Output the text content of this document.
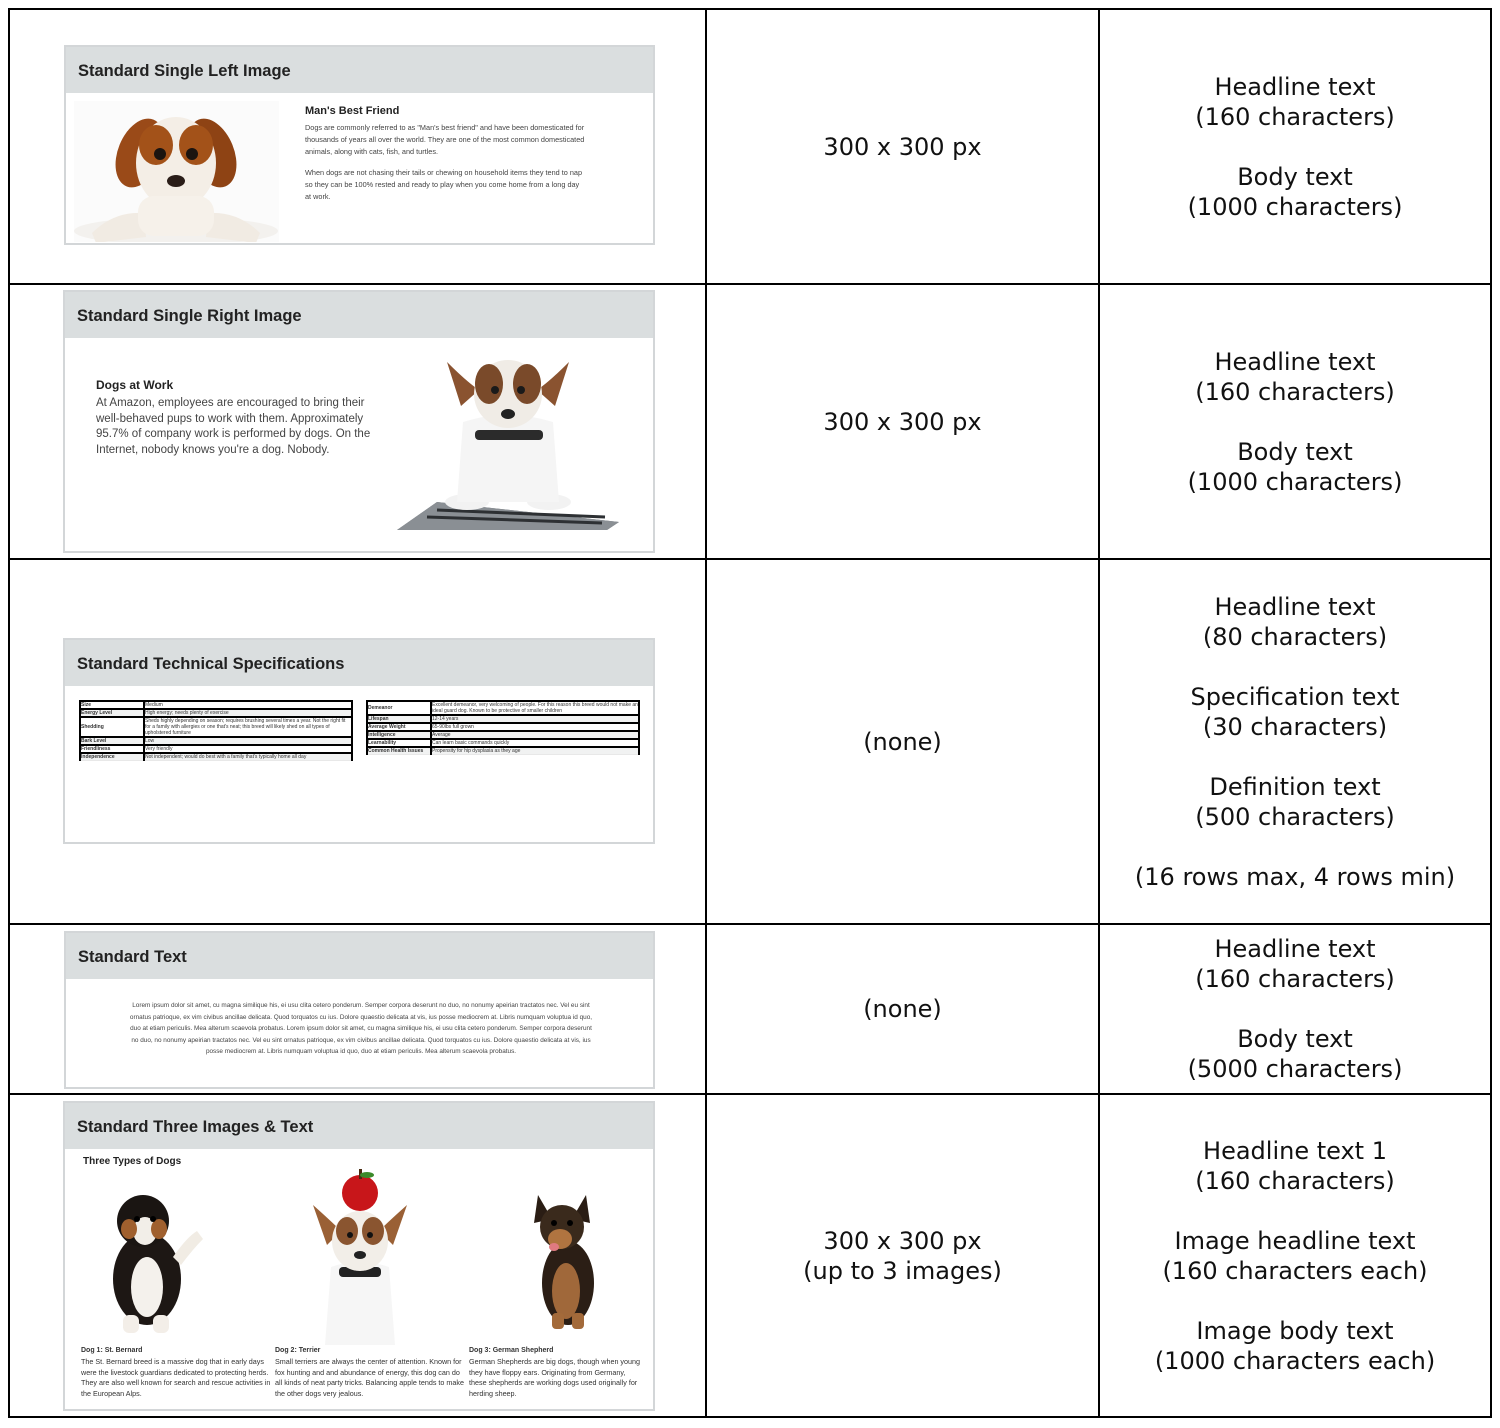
Standard Single Left Image
Man's Best Friend
Dogs are commonly referred to as "Man's best friend" and have been domesticated for thousands of years all over the world. They are one of the most common domesticated animals, along with cats, fish, and turtles.
When dogs are not chasing their tails or chewing on household items they tend to nap so they can be 100% rested and ready to play when you come home from a long day at work.

300 x 300 px

Headline text
(160 characters)

Body text
(1000 characters)

Standard Single Right Image
Dogs at Work
At Amazon, employees are encouraged to bring their well-behaved pups to work with them. Approximately 95.7% of company work is performed by dogs. On the Internet, nobody knows you're a dog. Nobody.

300 x 300 px

Headline text
(160 characters)

Body text
(1000 characters)

Standard Technical Specifications
Size	Medium
Energy Level	High energy; needs plenty of exercise
Shedding	Sheds highly depending on season; requires brushing several times a year. Not the right fit for a family with allergies or one that's neat; this breed will likely shed on all types of upholstered furniture
Bark Level	Low
Friendliness	Very friendly
Independence	Not independent; would do best with a family that's typically home all day
Demeanor	Excellent demeanor, very welcoming of people. For this reason this breed would not make an ideal guard dog. Known to be protective of smaller children
Lifespan	12-14 years
Average Weight	65-90lbs full grown
Intelligence	Average
Learnability	Can learn basic commands quickly
Common Health Issues	Propensity for hip dysplasia as they age
		(none)

Headline text
(80 characters)

Specification text
(30 characters)

Definition text
(500 characters)

(16 rows max, 4 rows min)

Standard Text
Lorem ipsum dolor sit amet, cu magna similique his, ei usu clita cetero ponderum. Semper corpora deserunt no duo, no nonumy apeirian tractatos nec. Vel eu sint ornatus patrioque, ex vim civibus ancillae delicata. Quod torquatos cu ius. Dolore quaestio delicata at vis, ius posse mediocrem at. Libris numquam voluptua id quo, duo at etiam periculis. Mea alterum scaevola probatus. Lorem ipsum dolor sit amet, cu magna similique his, ei usu clita cetero ponderum. Semper corpora deserunt no duo, no nonumy apeirian tractatos nec. Vel eu sint ornatus patrioque, ex vim civibus ancillae delicata. Quod torquatos cu ius. Dolore quaestio delicata at vis, ius posse mediocrem at. Libris numquam voluptua id quo, duo at etiam periculis. Mea alterum scaevola probatus.

(none)

Headline text
(160 characters)

Body text
(5000 characters)

Standard Three Images & Text
Three Types of Dogs
Dog 1: St. Bernard
The St. Bernard breed is a massive dog that in early days were the livestock guardians dedicated to protecting herds. They are also well known for search and rescue activities in the European Alps.
Dog 2: Terrier
Small terriers are always the center of attention. Known for fox hunting and and abundance of energy, this dog can do all kinds of neat party tricks. Balancing apple tends to make the other dogs very jealous.
Dog 3: German Shepherd
German Shepherds are big dogs, though when young they have floppy ears. Originating from Germany, these shepherds are working dogs used originally for herding sheep.

300 x 300 px
(up to 3 images)

Headline text 1
(160 characters)

Image headline text
(160 characters each)

Image body text
(1000 characters each)
